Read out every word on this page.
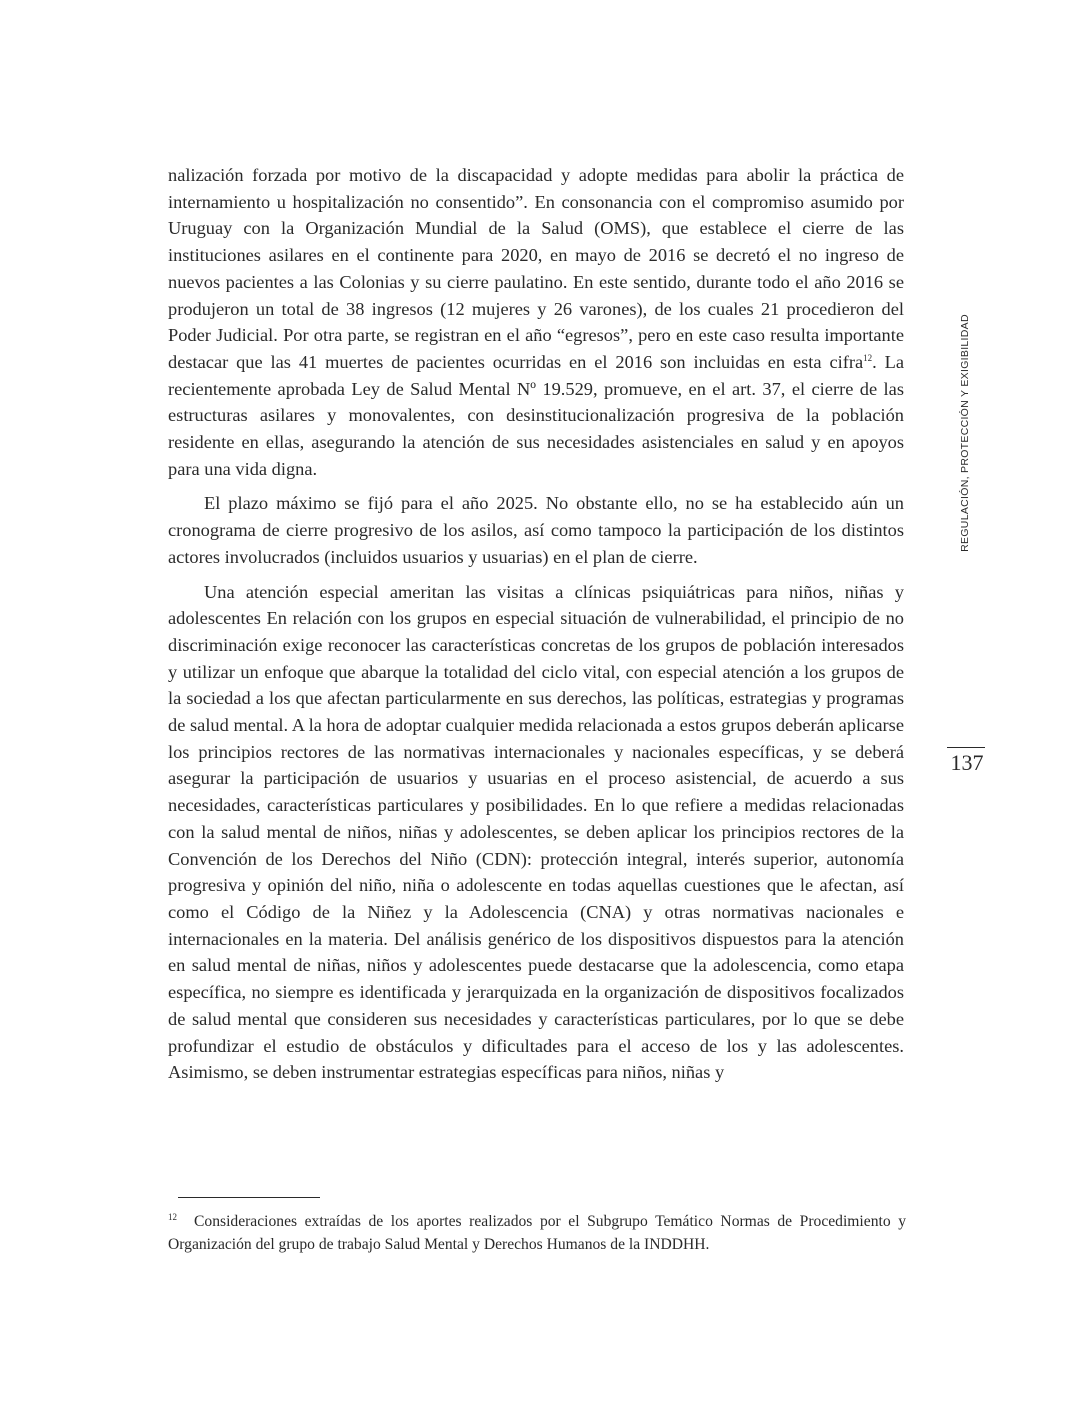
nalización forzada por motivo de la discapacidad y adopte medidas para abolir la práctica de internamiento u hospitalización no consentido”. En consonancia con el compromiso asumido por Uruguay con la Organización Mundial de la Salud (OMS), que establece el cierre de las instituciones asilares en el continente para 2020, en mayo de 2016 se decretó el no ingreso de nuevos pacientes a las Colonias y su cierre paulatino. En este sentido, durante todo el año 2016 se produjeron un total de 38 ingresos (12 mujeres y 26 varones), de los cuales 21 procedieron del Poder Judicial. Por otra parte, se registran en el año “egresos”, pero en este caso resulta importante destacar que las 41 muertes de pacientes ocurridas en el 2016 son incluidas en esta cifra$^{12}$. La recientemente aprobada Ley de Salud Mental Nº 19.529, promueve, en el art. 37, el cierre de las estructuras asilares y monovalentes, con desinstitucionalización progresiva de la población residente en ellas, asegurando la atención de sus necesidades asistenciales en salud y en apoyos para una vida digna.

El plazo máximo se fijó para el año 2025. No obstante ello, no se ha establecido aún un cronograma de cierre progresivo de los asilos, así como tampoco la participación de los distintos actores involucrados (incluidos usuarios y usuarias) en el plan de cierre.

Una atención especial ameritan las visitas a clínicas psiquiátricas para niños, niñas y adolescentes En relación con los grupos en especial situación de vulnerabilidad, el principio de no discriminación exige reconocer las características concretas de los grupos de población interesados y utilizar un enfoque que abarque la totalidad del ciclo vital, con especial atención a los grupos de la sociedad a los que afectan particularmente en sus derechos, las políticas, estrategias y programas de salud mental. A la hora de adoptar cualquier medida relacionada a estos grupos deberán aplicarse los principios rectores de las normativas internacionales y nacionales específicas, y se deberá asegurar la participación de usuarios y usuarias en el proceso asistencial, de acuerdo a sus necesidades, características particulares y posibilidades. En lo que refiere a medidas relacionadas con la salud mental de niños, niñas y adolescentes, se deben aplicar los principios rectores de la Convención de los Derechos del Niño (CDN): protección integral, interés superior, autonomía progresiva y opinión del niño, niña o adolescente en todas aquellas cuestiones que le afectan, así como el Código de la Niñez y la Adolescencia (CNA) y otras normativas nacionales e internacionales en la materia. Del análisis genérico de los dispositivos dispuestos para la atención en salud mental de niñas, niños y adolescentes puede destacarse que la adolescencia, como etapa específica, no siempre es identificada y jerarquizada en la organización de dispositivos focalizados de salud mental que consideren sus necesidades y características particulares, por lo que se debe profundizar el estudio de obstáculos y dificultades para el acceso de los y las adolescentes. Asimismo, se deben instrumentar estrategias específicas para niños, niñas y

REGULACIÓN, PROTECCIÓN Y EXIGIBILIDAD
137
12 Consideraciones extraídas de los aportes realizados por el Subgrupo Temático Normas de Procedimiento y Organización del grupo de trabajo Salud Mental y Derechos Humanos de la INDDHH.
